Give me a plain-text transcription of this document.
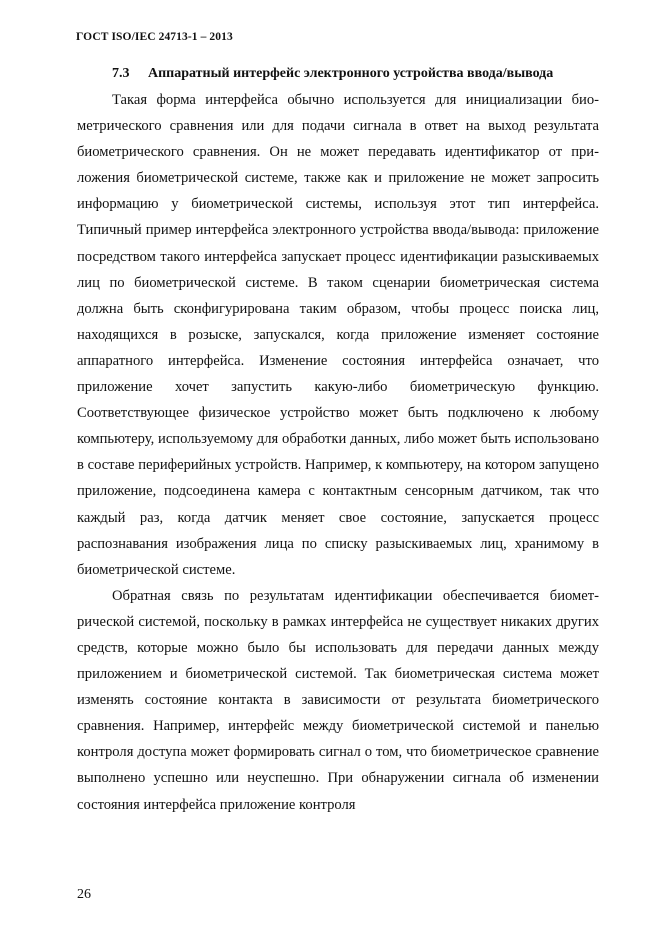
ГОСТ ISO/IEC 24713-1 – 2013
7.3 Аппаратный интерфейс электронного устройства ввода/вывода

Такая форма интерфейса обычно используется для инициализации биометрического сравнения или для подачи сигнала в ответ на выход результата биометрического сравнения. Он не может передавать идентификатор от приложения биометрической системе, также как и приложение не может запросить информацию у биометрической системы, используя этот тип интерфейса. Типичный пример интерфейса электронного устройства ввода/вывода: приложение посредством такого интерфейса запускает процесс идентификации разыскиваемых лиц по биометрической системе. В таком сценарии биометрическая система должна быть сконфигурирована таким образом, чтобы процесс поиска лиц, находящихся в розыске, запускался, когда приложение изменяет состояние аппаратного интерфейса. Изменение состояния интерфейса означает, что приложение хочет запустить какую-либо биометрическую функцию. Соответствующее физическое устройство может быть подключено к любому компьютеру, используемому для обработки данных, либо может быть использовано в составе периферийных устройств. Например, к компьютеру, на котором запущено приложение, подсоединена камера с контактным сенсорным датчиком, так что каждый раз, когда датчик меняет свое состояние, запускается процесс распознавания изображения лица по списку разыскиваемых лиц, хранимому в биометрической системе.

Обратная связь по результатам идентификации обеспечивается биометрической системой, поскольку в рамках интерфейса не существует никаких других средств, которые можно было бы использовать для передачи данных между приложением и биометрической системой. Так биометрическая система может изменять состояние контакта в зависимости от результата биометрического сравнения. Например, интерфейс между биометрической системой и панелью контроля доступа может формировать сигнал о том, что биометрическое сравнение выполнено успешно или неуспешно. При обнаружении сигнала об изменении состояния интерфейса приложение контроля

26
